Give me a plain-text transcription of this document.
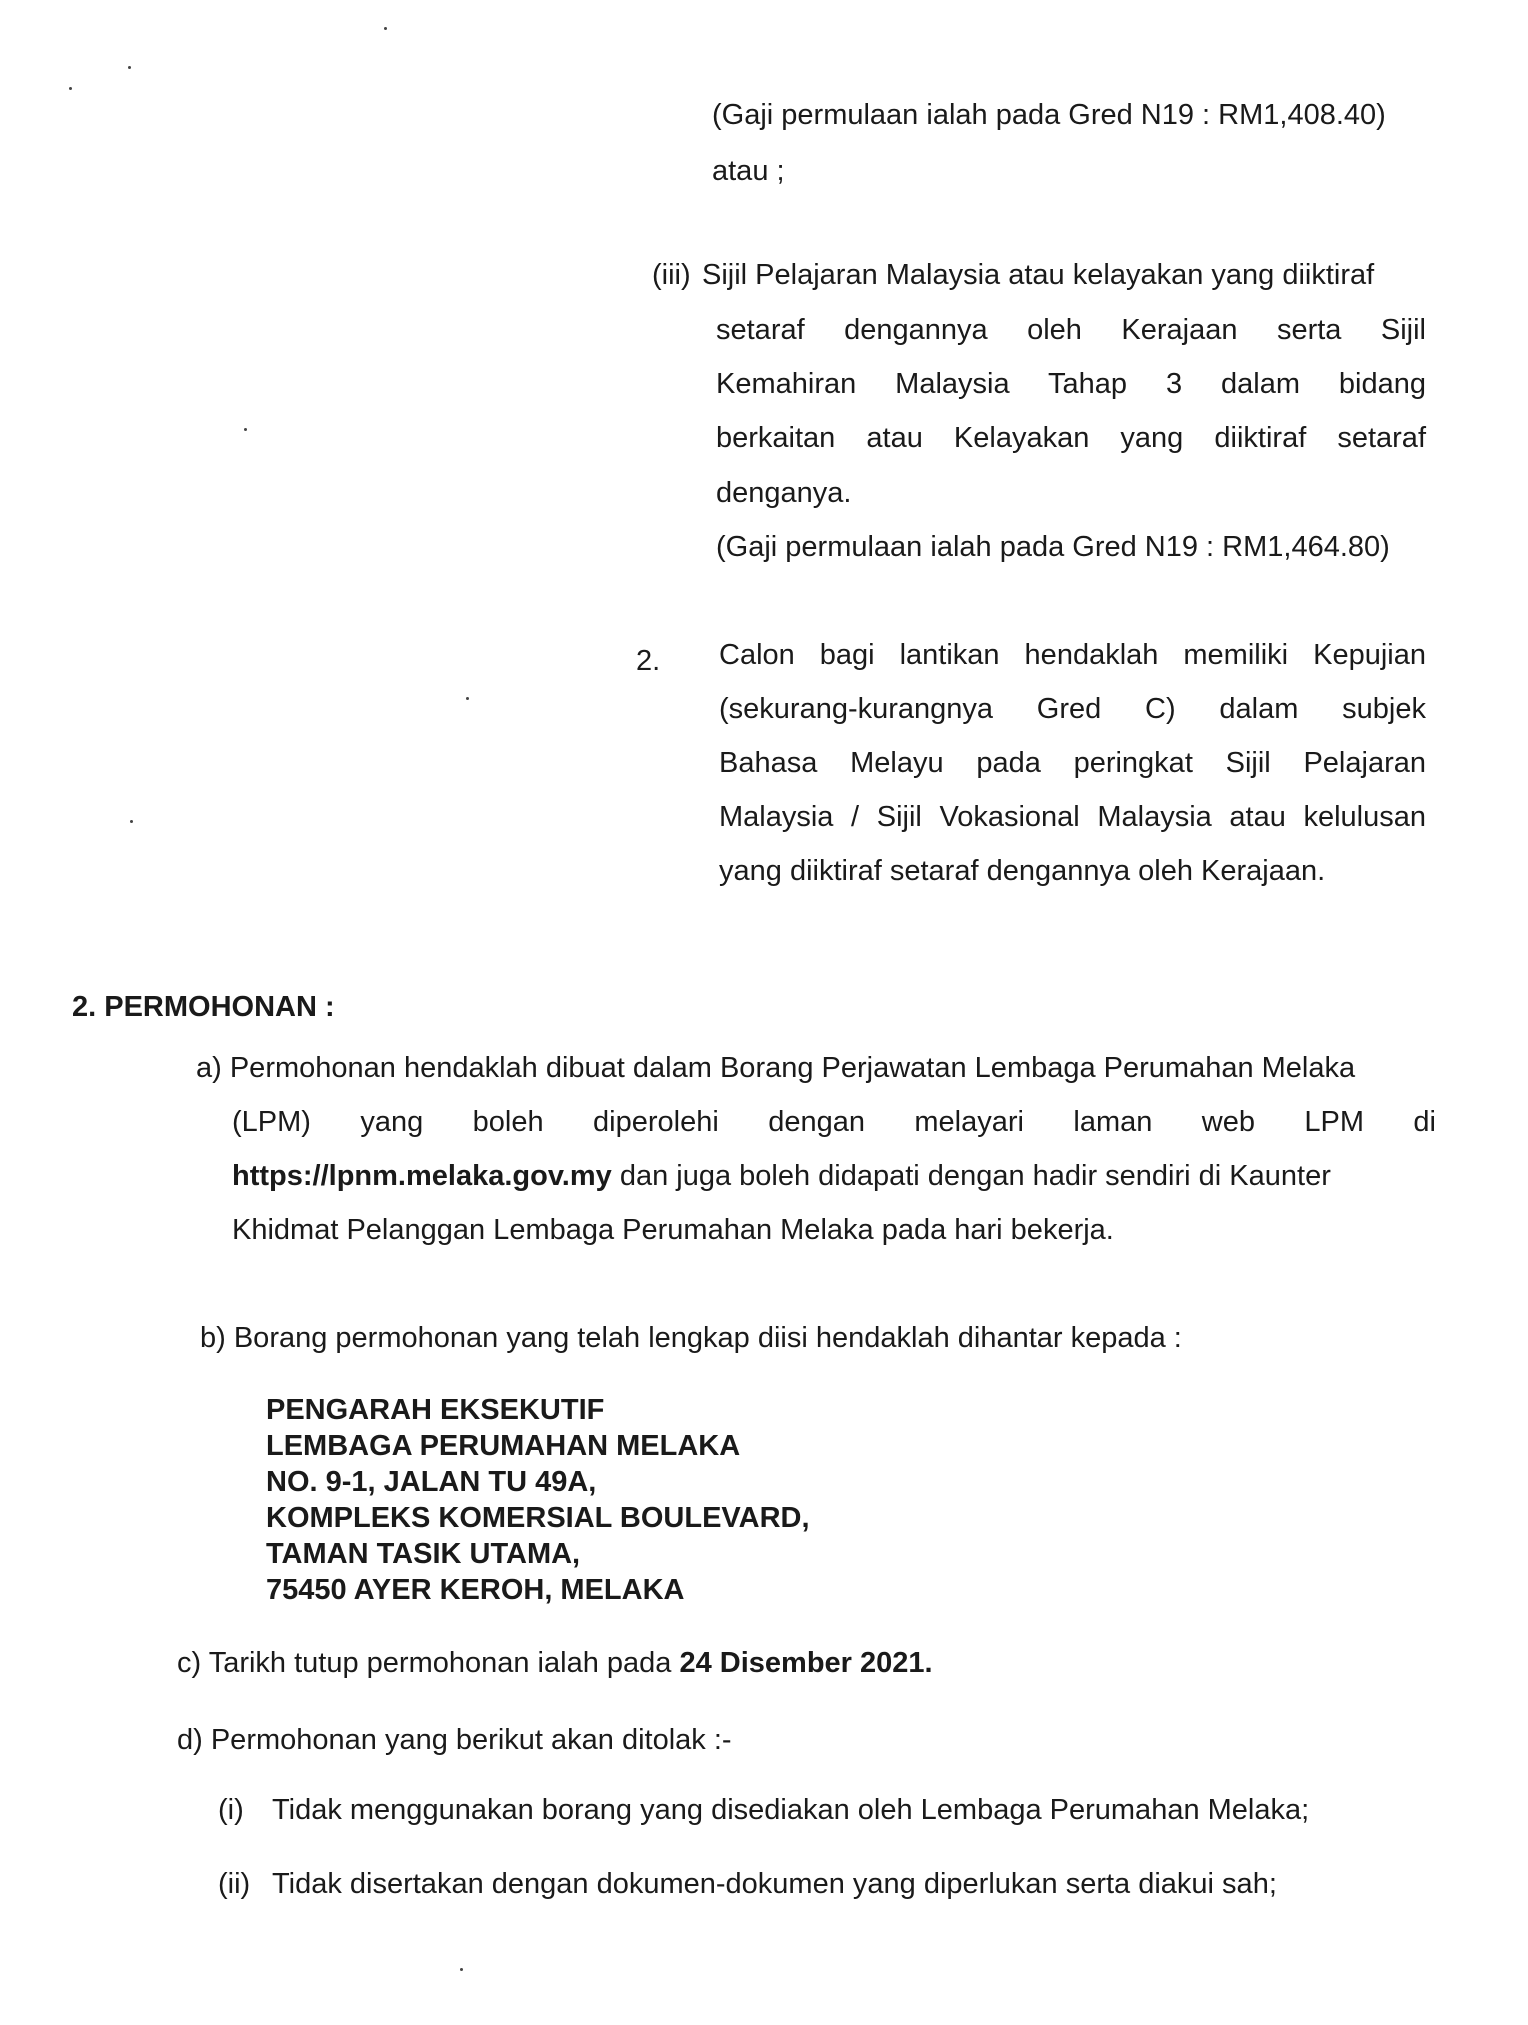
(Gaji permulaan ialah pada Gred N19 : RM1,408.40)
atau ;
(iii) Sijil Pelajaran Malaysia atau kelayakan yang diiktiraf
setaraf dengannya oleh Kerajaan serta Sijil
Kemahiran Malaysia Tahap 3 dalam bidang
berkaitan atau Kelayakan yang diiktiraf setaraf
denganya.
(Gaji permulaan ialah pada Gred N19 : RM1,464.80)
2. Calon bagi lantikan hendaklah memiliki Kepujian
(sekurang-kurangnya Gred C) dalam subjek
Bahasa Melayu pada peringkat Sijil Pelajaran
Malaysia / Sijil Vokasional Malaysia atau kelulusan
yang diiktiraf setaraf dengannya oleh Kerajaan.
2. PERMOHONAN :
a) Permohonan hendaklah dibuat dalam Borang Perjawatan Lembaga Perumahan Melaka
(LPM) yang boleh diperolehi dengan melayari laman web LPM di
https://lpnm.melaka.gov.my dan juga boleh didapati dengan hadir sendiri di Kaunter
Khidmat Pelanggan Lembaga Perumahan Melaka pada hari bekerja.
b) Borang permohonan yang telah lengkap diisi hendaklah dihantar kepada :
PENGARAH EKSEKUTIF
LEMBAGA PERUMAHAN MELAKA
NO. 9-1, JALAN TU 49A,
KOMPLEKS KOMERSIAL BOULEVARD,
TAMAN TASIK UTAMA,
75450 AYER KEROH, MELAKA
c) Tarikh tutup permohonan ialah pada 24 Disember 2021.
d) Permohonan yang berikut akan ditolak :-
(i) Tidak menggunakan borang yang disediakan oleh Lembaga Perumahan Melaka;
(ii) Tidak disertakan dengan dokumen-dokumen yang diperlukan serta diakui sah;
